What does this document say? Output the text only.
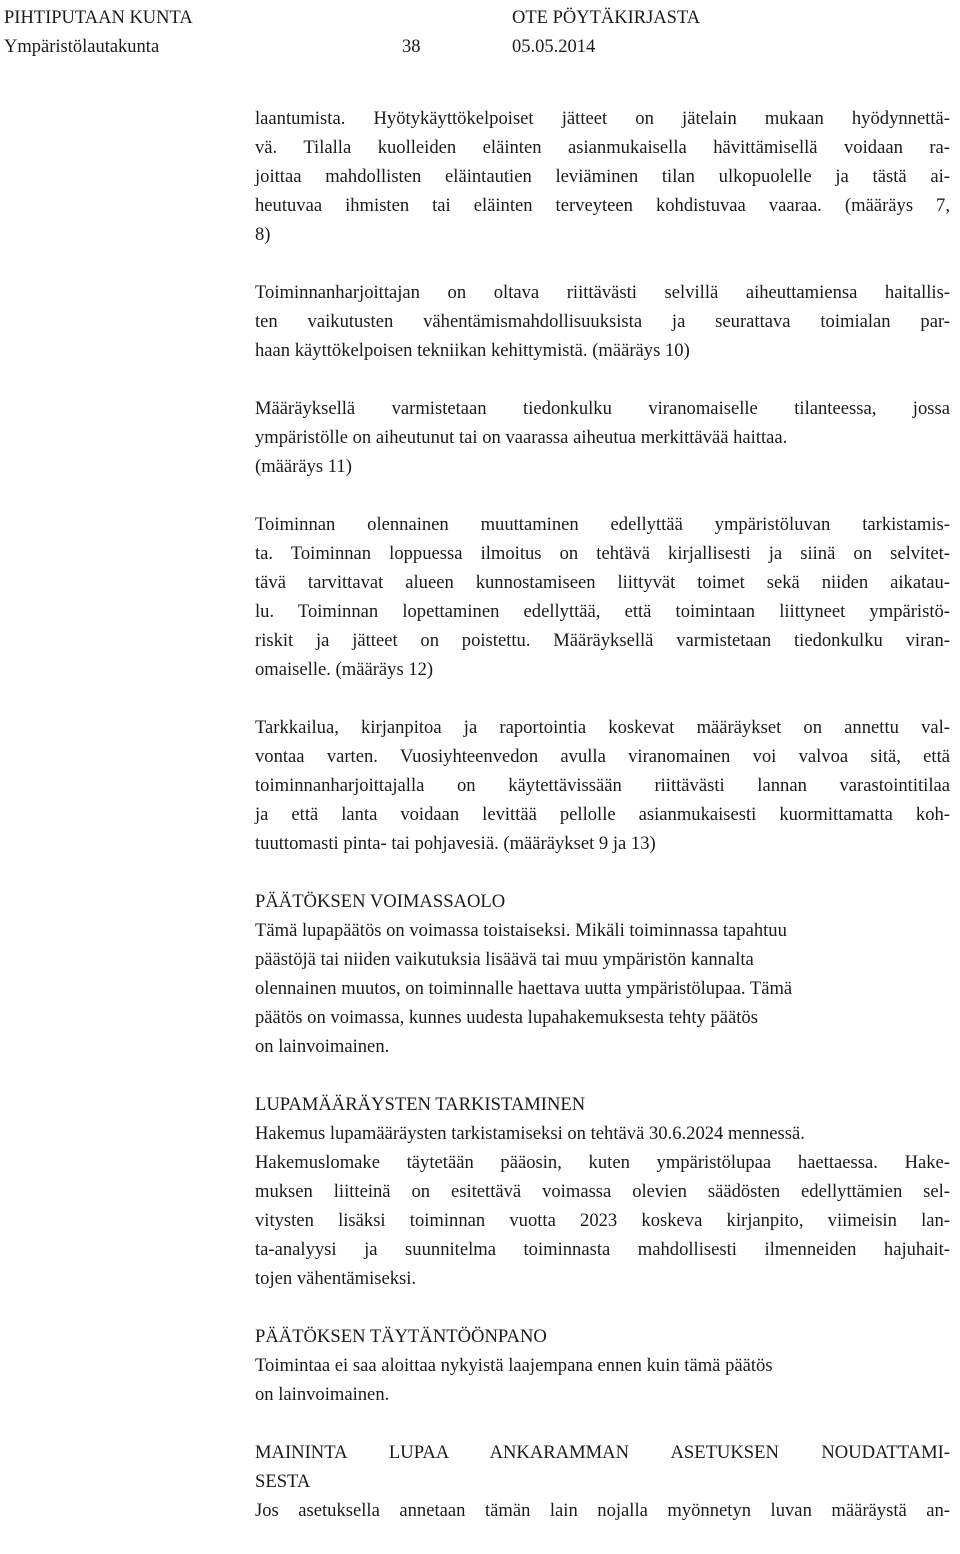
PIHTIPUTAAN KUNTA	OTE PÖYTÄKIRJASTA
Ympäristölautakunta	38	05.05.2014
laantumista. Hyötykäyttökelpoiset jätteet on jätelain mukaan hyödynnettä-
vä. Tilalla kuolleiden eläinten asianmukaisella hävittämisellä voidaan ra-
joittaa mahdollisten eläintautien leviäminen tilan ulkopuolelle ja tästä ai-
heutuvaa ihmisten tai eläinten terveyteen kohdistuvaa vaaraa. (määräys 7,
8)
Toiminnanharjoittajan on oltava riittävästi selvillä aiheuttamiensa haitallis-
ten vaikutusten vähentämismahdollisuuksista ja seurattava toimialan par-
haan käyttökelpoisen tekniikan kehittymistä. (määräys 10)
Määräyksellä varmistetaan tiedonkulku viranomaiselle tilanteessa, jossa
ympäristölle on aiheutunut tai on vaarassa aiheutua merkittävää haittaa.
(määräys 11)
Toiminnan olennainen muuttaminen edellyttää ympäristöluvan tarkistamis-
ta. Toiminnan loppuessa ilmoitus on tehtävä kirjallisesti ja siinä on selvitet-
tävä tarvittavat alueen kunnostamiseen liittyvät toimet sekä niiden aikatau-
lu. Toiminnan lopettaminen edellyttää, että toimintaan liittyneet ympäristö-
riskit ja jätteet on poistettu. Määräyksellä varmistetaan tiedonkulku viran-
omaiselle. (määräys 12)
Tarkkailua, kirjanpitoa ja raportointia koskevat määräykset on annettu val-
vontaa varten. Vuosiyhteenvedon avulla viranomainen voi valvoa sitä, että
toiminnanharjoittajalla on käytettävissään riittävästi lannan varastointitilaa
ja että lanta voidaan levittää pellolle asianmukaisesti kuormittamatta koh-
tuuttomasti pinta- tai pohjavesiä. (määräykset 9 ja 13)
PÄÄTÖKSEN VOIMASSAOLO
Tämä lupapäätös on voimassa toistaiseksi. Mikäli toiminnassa tapahtuu
päästöjä tai niiden vaikutuksia lisäävä tai muu ympäristön kannalta
olennainen muutos, on toiminnalle haettava uutta ympäristölupaa. Tämä
päätös on voimassa, kunnes uudesta lupahakemuksesta tehty päätös
on lainvoimainen.
LUPAMÄÄRÄYSTEN TARKISTAMINEN
Hakemus lupamääräysten tarkistamiseksi on tehtävä 30.6.2024 mennessä.
Hakemuslomake täytetään pääosin, kuten ympäristölupaa haettaessa. Hake-
muksen liitteinä on esitettävä voimassa olevien säädösten edellyttämien sel-
vitysten lisäksi toiminnan vuotta 2023 koskeva kirjanpito, viimeisin lan-
ta-analyysi ja suunnitelma toiminnasta mahdollisesti ilmenneiden hajuhait-
tojen vähentämiseksi.
PÄÄTÖKSEN TÄYTÄNTÖÖNPANO
Toimintaa ei saa aloittaa nykyistä laajempana ennen kuin tämä päätös
on lainvoimainen.
MAININTA LUPAA ANKARAMMAN ASETUKSEN NOUDATTAMI-
SESTA
Jos asetuksella annetaan tämän lain nojalla myönnetyn luvan määräystä an-
